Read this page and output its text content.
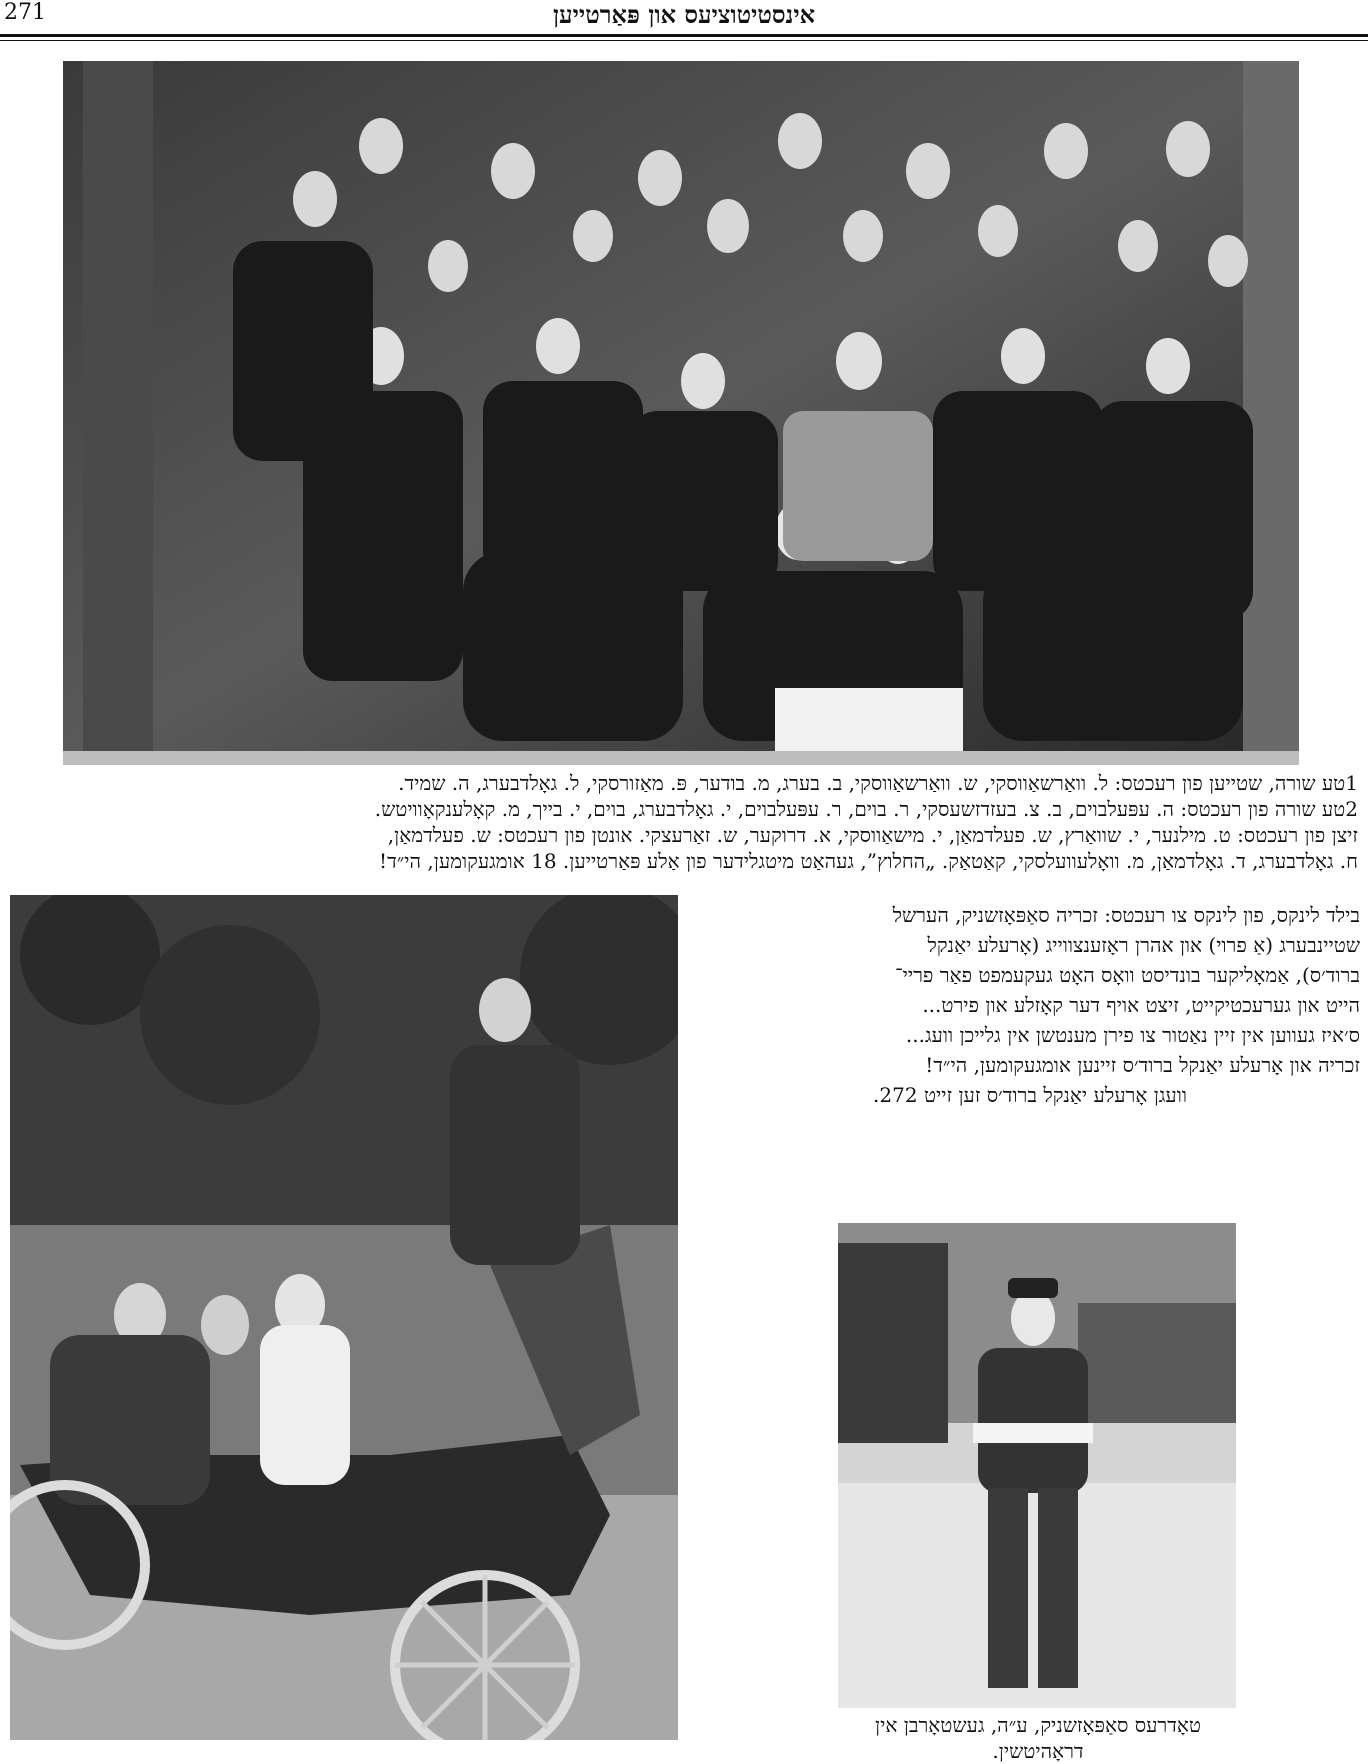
271	אינסטיטוציעס און פּאַרטייען
1טע שורה, שטייען פון רעכטס: ל. וואַרשאַווסקי, ש. וואַרשאַווסקי, ב. בערג, מ. בודער, פּ. מאַזורסקי, ל. גאָלדבערג, ה. שמיד.
2טע שורה פון רעכטס: ה. עפּעלבוים, ב. צ. בעזדזשעסקי, ר. בוים, ר. עפּעלבוים, י. גאָלדבערג, בוים, י. בייך, מ. קאָלענקאָוויטש.
זיצן פון רעכטס: ט. מילנער, י. שוואַרץ, ש. פעלדמאַן, י. מישאַווסקי, א. דרוקער, ש. זאַרעצקי. אונטן פון רעכטס: ש. פעלדמאַן,
ח. גאָלדבערג, ד. גאָלדמאַן, מ. וואָלעוועלסקי, קאַטאַק. „החלוץ”, געהאַט מיטגלידער פון אַלע פּאַרטייען. 18 אומגעקומען, הי״ד!
בילד לינקס, פון לינקס צו רעכטס: זכריה סאַפּאָזשניק, הערשל
שטיינבערג (אַ פרוי) און אהרן ראָזענצווייג (אָרעלע יאַנקל
ברוד׳ס), אַמאָליקער בונדיסט וואָס האָט געקעמפט פאַר פריי־
הייט און גערעכטיקייט, זיצט אויף דער קאָזלע און פירט...
ס׳איז געווען אין זיין נאַטור צו פירן מענטשן אין גלייכן וועג...
זכריה און אָרעלע יאַנקל ברוד׳ס זיינען אומגעקומען, הי״ד!
וועגן אָרעלע יאַנקל ברוד׳ס זען זייט 272.
טאָדרעס סאַפּאָזשניק, ע״ה, געשטאָרבן אין דראָהיטשין.
